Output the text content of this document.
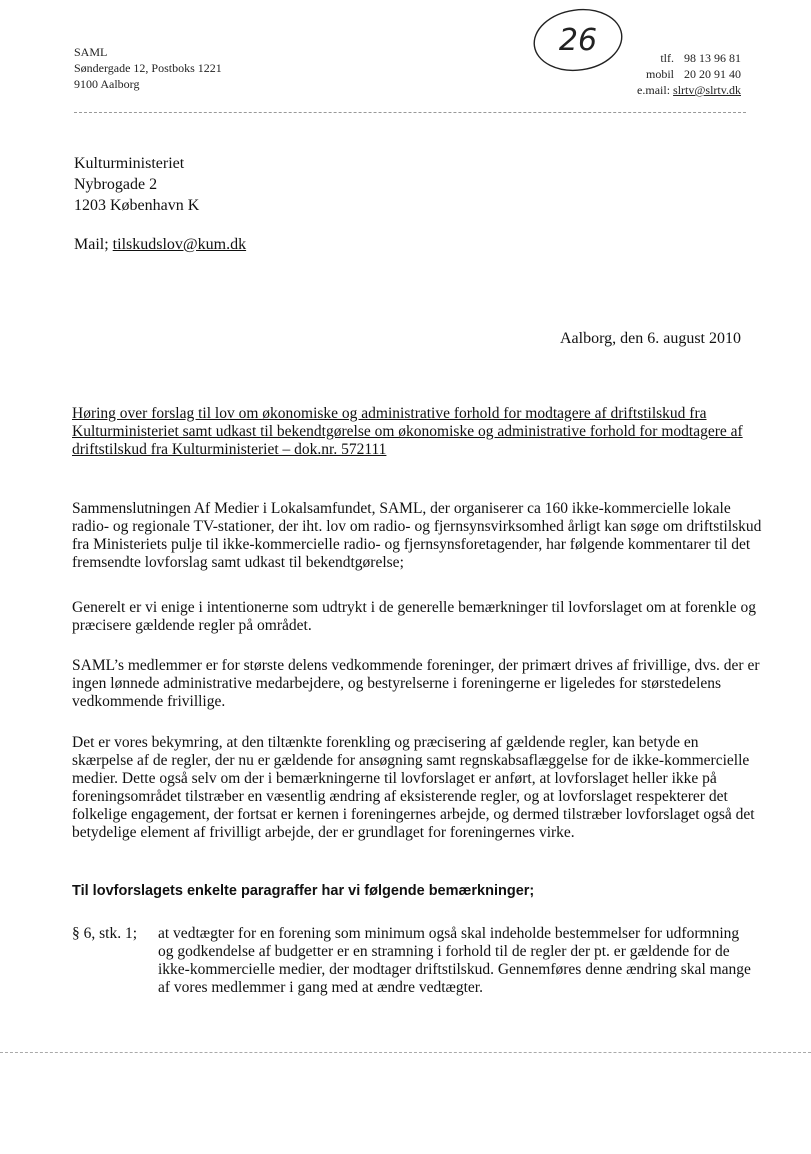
SAML
Søndergade 12, Postboks 1221
9100 Aalborg
26	tlf. 98 13 96 81
mobil 20 20 91 40
e.mail: slrtv@slrtv.dk
Kulturministeriet
Nybrogade 2
1203 København K
Mail; tilskudslov@kum.dk
Aalborg, den 6. august 2010
Høring over forslag til lov om økonomiske og administrative forhold for modtagere af driftstilskud fra Kulturministeriet samt udkast til bekendtgørelse om økonomiske og administrative forhold for modtagere af driftstilskud fra Kulturministeriet – dok.nr. 572111

Sammenslutningen Af Medier i Lokalsamfundet, SAML, der organiserer ca 160 ikke-kommercielle lokale radio- og regionale TV-stationer, der iht. lov om radio- og fjernsynsvirksomhed årligt kan søge om driftstilskud fra Ministeriets pulje til ikke-kommercielle radio- og fjernsynsforetagender, har følgende kommentarer til det fremsendte lovforslag samt udkast til bekendtgørelse;

Generelt er vi enige i intentionerne som udtrykt i de generelle bemærkninger til lovforslaget om at forenkle og præcisere gældende regler på området.

SAML’s medlemmer er for største delens vedkommende foreninger, der primært drives af frivillige, dvs. der er ingen lønnede administrative medarbejdere, og bestyrelserne i foreningerne er ligeledes for størstedelens vedkommende frivillige.

Det er vores bekymring, at den tiltænkte forenkling og præcisering af gældende regler, kan betyde en skærpelse af de regler, der nu er gældende for ansøgning samt regnskabsaflæggelse for de ikke-kommercielle medier. Dette også selv om der i bemærkningerne til lovforslaget er anført, at lovforslaget heller ikke på foreningsområdet tilstræber en væsentlig ændring af eksisterende regler, og at lovforslaget respekterer det folkelige engagement, der fortsat er kernen i foreningernes arbejde, og dermed tilstræber lovforslaget også det betydelige element af frivilligt arbejde, der er grundlaget for foreningernes virke.

Til lovforslagets enkelte paragraffer har vi følgende bemærkninger;
§ 6, stk. 1; at vedtægter for en forening som minimum også skal indeholde bestemmelser for udformning og godkendelse af budgetter er en stramning i forhold til de regler der pt. er gældende for de ikke-kommercielle medier, der modtager driftstilskud. Gennemføres denne ændring skal mange af vores medlemmer i gang med at ændre vedtægter.
